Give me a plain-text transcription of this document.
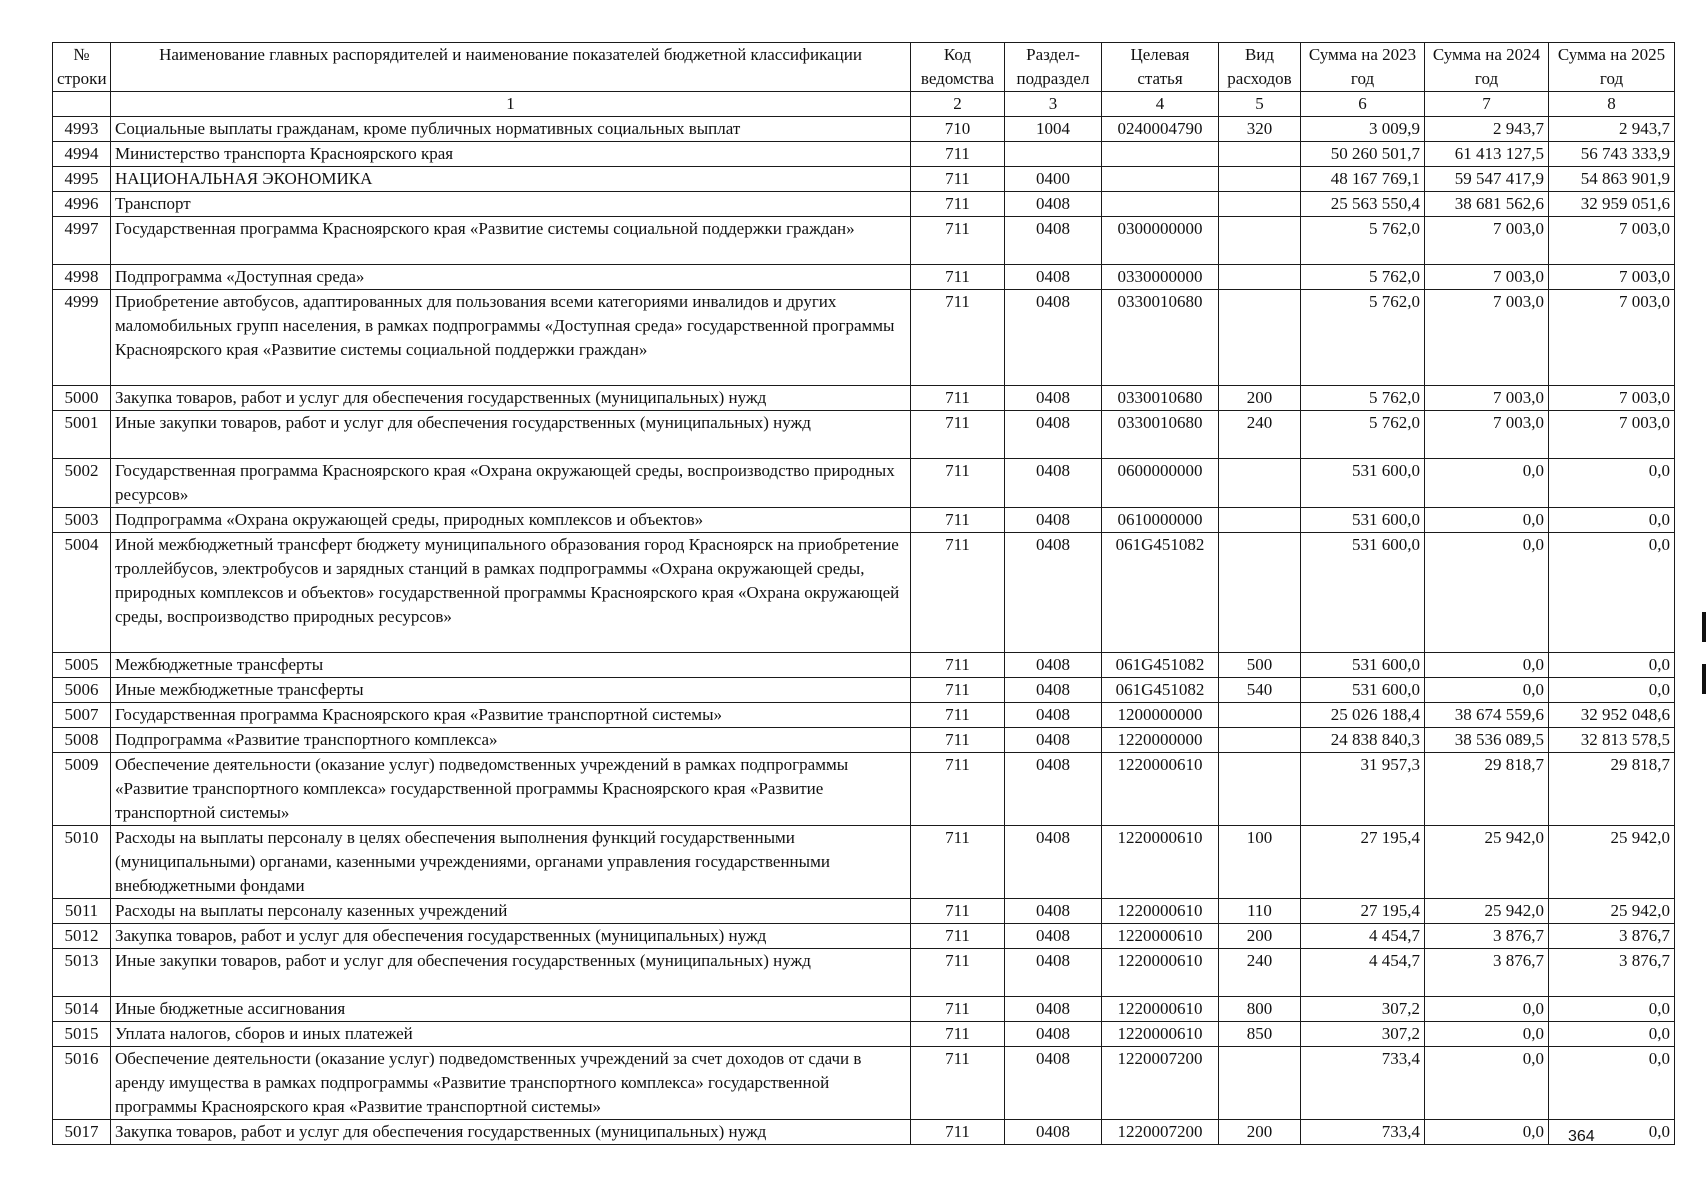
№ строки	Наименование главных распорядителей и наименование показателей бюджетной классификации	Код ведомства	Раздел-подраздел	Целевая статья	Вид расходов	Сумма на 2023 год	Сумма на 2024 год	Сумма на 2025 год
	1	2	3	4	5	6	7	8
4993	Социальные выплаты гражданам, кроме публичных нормативных социальных выплат	710	1004	0240004790	320	3 009,9	2 943,7	2 943,7
4994	Министерство транспорта Красноярского края	711				50 260 501,7	61 413 127,5	56 743 333,9
4995	НАЦИОНАЛЬНАЯ ЭКОНОМИКА	711	0400			48 167 769,1	59 547 417,9	54 863 901,9
4996	Транспорт	711	0408			25 563 550,4	38 681 562,6	32 959 051,6
4997	Государственная программа Красноярского края «Развитие системы социальной поддержки граждан»	711	0408	0300000000		5 762,0	7 003,0	7 003,0
4998	Подпрограмма «Доступная среда»	711	0408	0330000000		5 762,0	7 003,0	7 003,0
4999	Приобретение автобусов, адаптированных для пользования всеми категориями инвалидов и других маломобильных групп населения, в рамках подпрограммы «Доступная среда» государственной программы Красноярского края «Развитие системы социальной поддержки граждан»	711	0408	0330010680		5 762,0	7 003,0	7 003,0
5000	Закупка товаров, работ и услуг для обеспечения государственных (муниципальных) нужд	711	0408	0330010680	200	5 762,0	7 003,0	7 003,0
5001	Иные закупки товаров, работ и услуг для обеспечения государственных (муниципальных) нужд	711	0408	0330010680	240	5 762,0	7 003,0	7 003,0
5002	Государственная программа Красноярского края «Охрана окружающей среды, воспроизводство природных ресурсов»	711	0408	0600000000		531 600,0	0,0	0,0
5003	Подпрограмма «Охрана окружающей среды, природных комплексов и объектов»	711	0408	0610000000		531 600,0	0,0	0,0
5004	Иной межбюджетный трансферт бюджету муниципального образования город Красноярск на приобретение троллейбусов, электробусов и зарядных станций в рамках подпрограммы «Охрана окружающей среды, природных комплексов и объектов» государственной программы Красноярского края «Охрана окружающей среды, воспроизводство природных ресурсов»	711	0408	061G451082		531 600,0	0,0	0,0
5005	Межбюджетные трансферты	711	0408	061G451082	500	531 600,0	0,0	0,0
5006	Иные межбюджетные трансферты	711	0408	061G451082	540	531 600,0	0,0	0,0
5007	Государственная программа Красноярского края «Развитие транспортной системы»	711	0408	1200000000		25 026 188,4	38 674 559,6	32 952 048,6
5008	Подпрограмма «Развитие транспортного комплекса»	711	0408	1220000000		24 838 840,3	38 536 089,5	32 813 578,5
5009	Обеспечение деятельности (оказание услуг) подведомственных учреждений в рамках подпрограммы «Развитие транспортного комплекса» государственной программы Красноярского края «Развитие транспортной системы»	711	0408	1220000610		31 957,3	29 818,7	29 818,7
5010	Расходы на выплаты персоналу в целях обеспечения выполнения функций государственными (муниципальными) органами, казенными учреждениями, органами управления государственными внебюджетными фондами	711	0408	1220000610	100	27 195,4	25 942,0	25 942,0
5011	Расходы на выплаты персоналу казенных учреждений	711	0408	1220000610	110	27 195,4	25 942,0	25 942,0
5012	Закупка товаров, работ и услуг для обеспечения государственных (муниципальных) нужд	711	0408	1220000610	200	4 454,7	3 876,7	3 876,7
5013	Иные закупки товаров, работ и услуг для обеспечения государственных (муниципальных) нужд	711	0408	1220000610	240	4 454,7	3 876,7	3 876,7
5014	Иные бюджетные ассигнования	711	0408	1220000610	800	307,2	0,0	0,0
5015	Уплата налогов, сборов и иных платежей	711	0408	1220000610	850	307,2	0,0	0,0
5016	Обеспечение деятельности (оказание услуг) подведомственных учреждений за счет доходов от сдачи в аренду имущества в рамках подпрограммы «Развитие транспортного комплекса» государственной программы Красноярского края «Развитие транспортной системы»	711	0408	1220007200		733,4	0,0	0,0
5017	Закупка товаров, работ и услуг для обеспечения государственных (муниципальных) нужд	711	0408	1220007200	200	733,4	0,0	0,0
364
